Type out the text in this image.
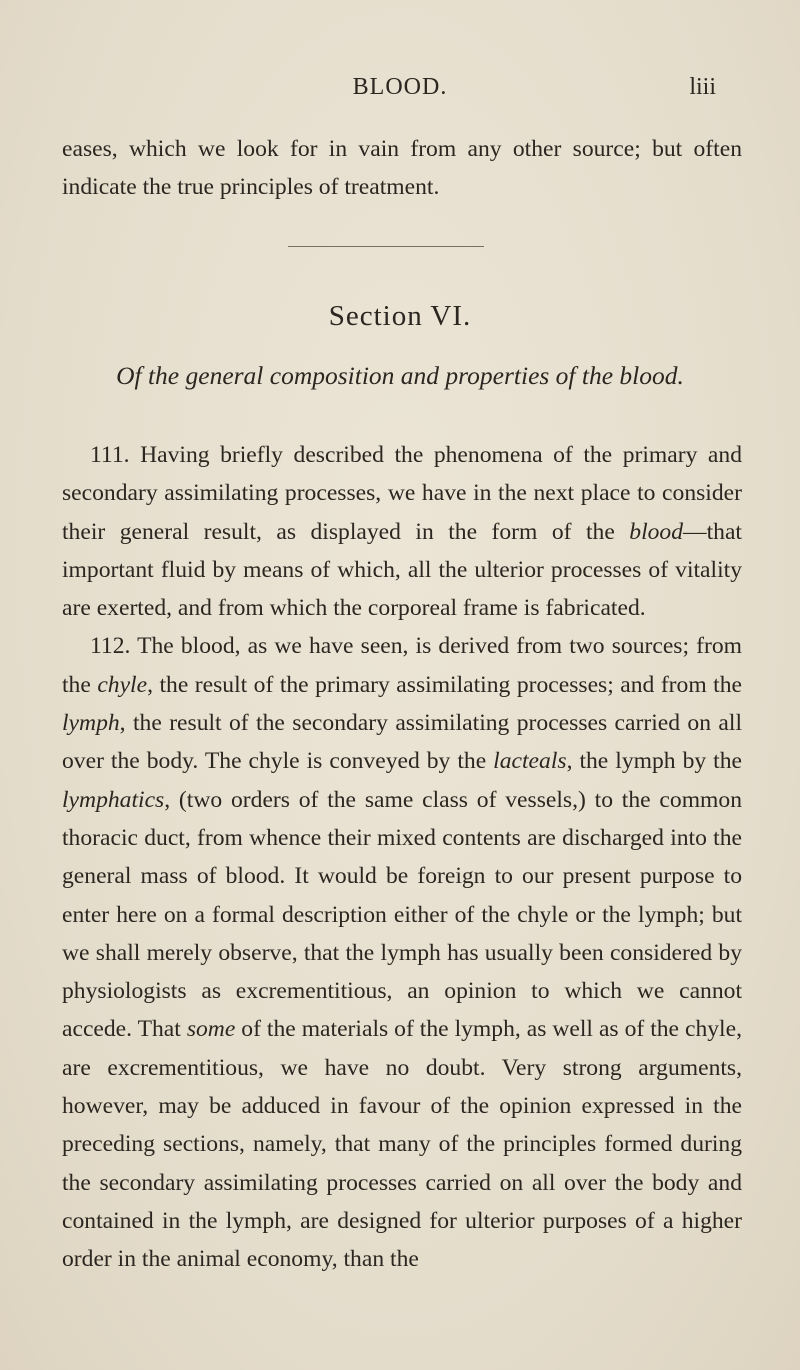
BLOOD.	liii
eases, which we look for in vain from any other source; but often indicate the true principles of treatment.
Section VI.
Of the general composition and properties of the blood.

111. Having briefly described the phenomena of the primary and secondary assimilating processes, we have in the next place to consider their general result, as displayed in the form of the blood—that important fluid by means of which, all the ulterior processes of vitality are exerted, and from which the corporeal frame is fabricated.

112. The blood, as we have seen, is derived from two sources; from the chyle, the result of the primary assimilating processes; and from the lymph, the result of the secondary assimilating processes carried on all over the body. The chyle is conveyed by the lacteals, the lymph by the lymphatics, (two orders of the same class of vessels,) to the common thoracic duct, from whence their mixed contents are discharged into the general mass of blood. It would be foreign to our present purpose to enter here on a formal description either of the chyle or the lymph; but we shall merely observe, that the lymph has usually been considered by physiologists as excrementitious, an opinion to which we cannot accede. That some of the materials of the lymph, as well as of the chyle, are excrementitious, we have no doubt. Very strong arguments, however, may be adduced in favour of the opinion expressed in the preceding sections, namely, that many of the principles formed during the secondary assimilating processes carried on all over the body and contained in the lymph, are designed for ulterior purposes of a higher order in the animal economy, than the
